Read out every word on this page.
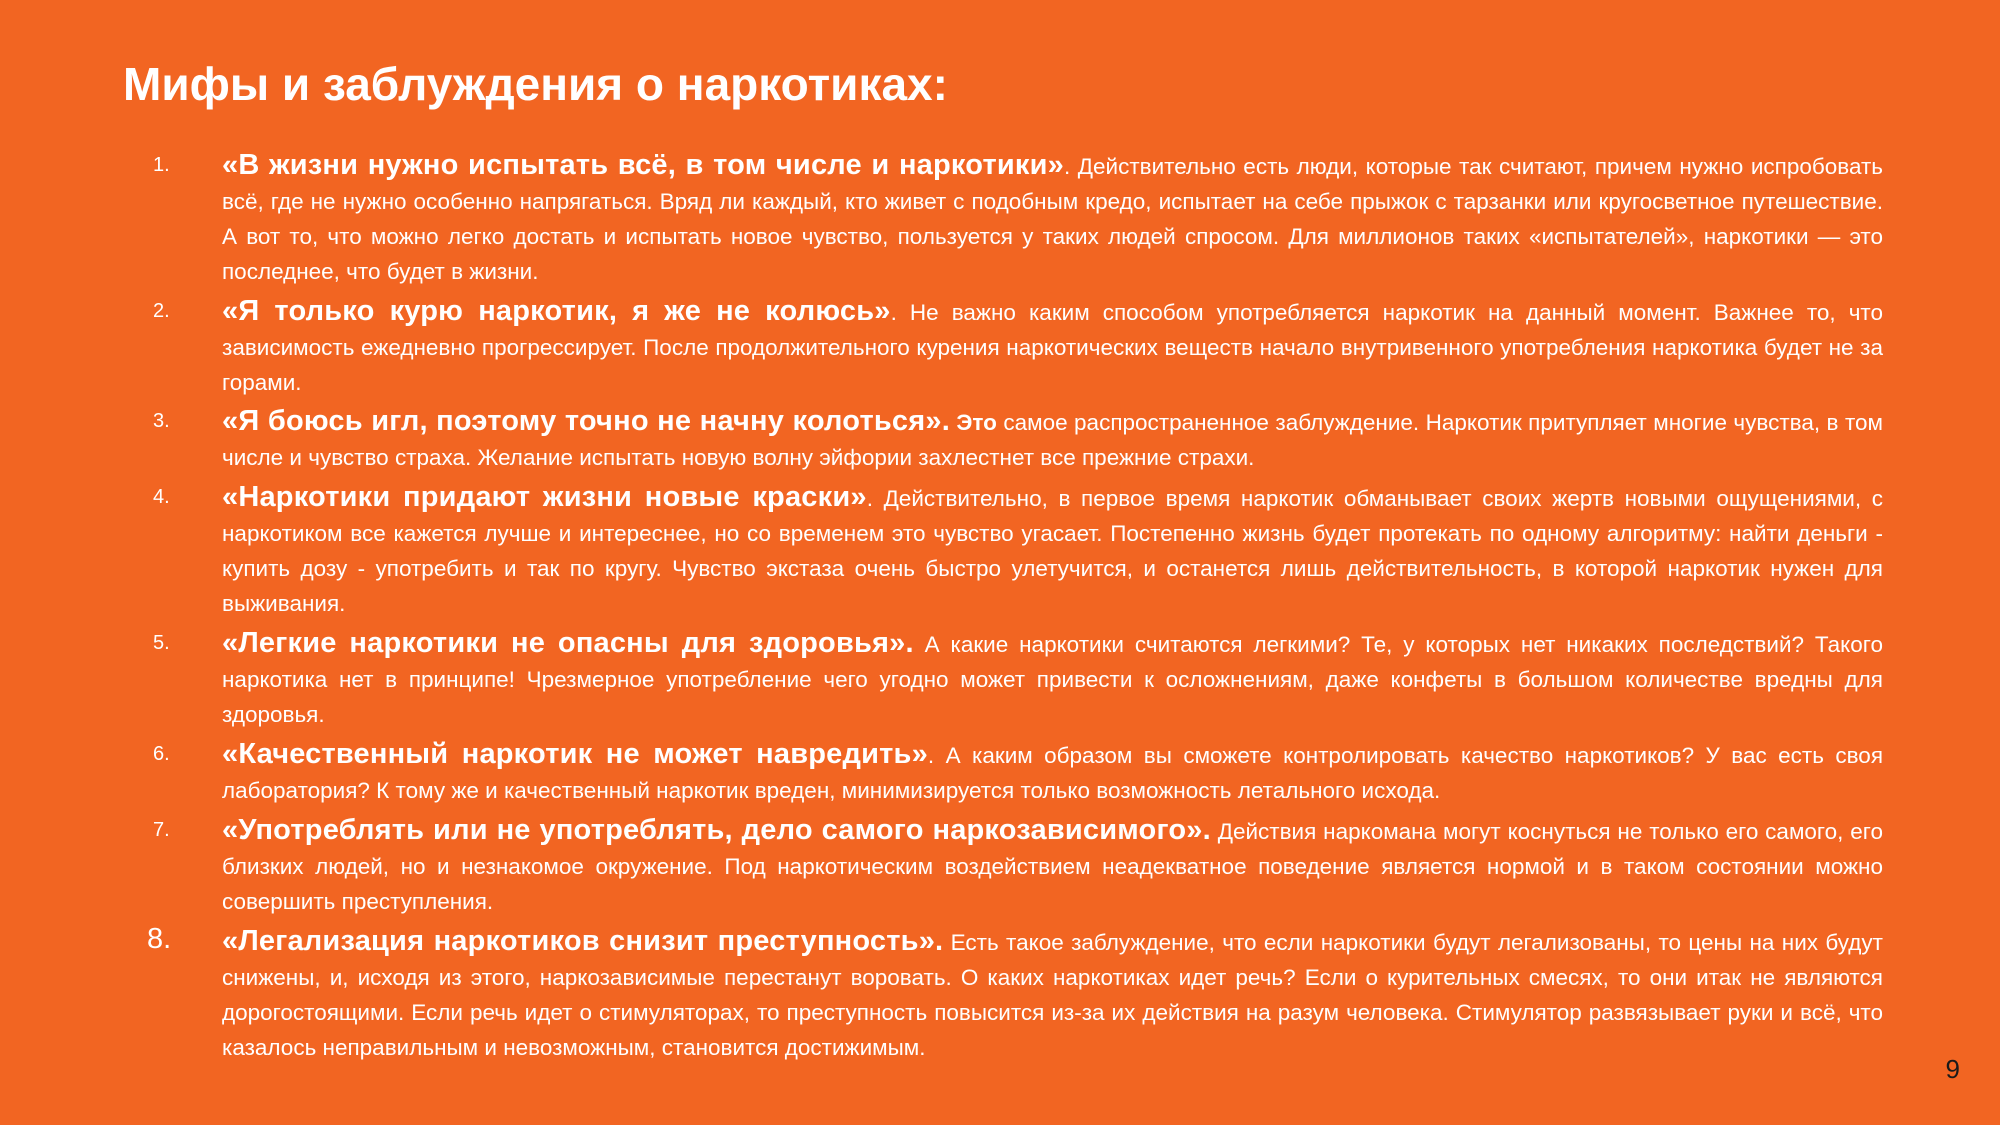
Мифы и заблуждения о наркотиках:
1. «В жизни нужно испытать всё, в том числе и наркотики». Действительно есть люди, которые так считают, причем нужно испробовать всё, где не нужно особенно напрягаться. Вряд ли каждый, кто живет с подобным кредо, испытает на себе прыжок с тарзанки или кругосветное путешествие. А вот то, что можно легко достать и испытать новое чувство, пользуется у таких людей спросом. Для миллионов таких «испытателей», наркотики — это последнее, что будет в жизни.
2. «Я только курю наркотик, я же не колюсь». Не важно каким способом употребляется наркотик на данный момент. Важнее то, что зависимость ежедневно прогрессирует. После продолжительного курения наркотических веществ начало внутривенного употребления наркотика будет не за горами.
3. «Я боюсь игл, поэтому точно не начну колоться». Это самое распространенное заблуждение. Наркотик притупляет многие чувства, в том числе и чувство страха. Желание испытать новую волну эйфории захлестнет все прежние страхи.
4. «Наркотики придают жизни новые краски». Действительно, в первое время наркотик обманывает своих жертв новыми ощущениями, с наркотиком все кажется лучше и интереснее, но со временем это чувство угасает. Постепенно жизнь будет протекать по одному алгоритму: найти деньги - купить дозу - употребить и так по кругу. Чувство экстаза очень быстро улетучится, и останется лишь действительность, в которой наркотик нужен для выживания.
5. «Легкие наркотики не опасны для здоровья». А какие наркотики считаются легкими? Те, у которых нет никаких последствий? Такого наркотика нет в принципе! Чрезмерное употребление чего угодно может привести к осложнениям, даже конфеты в большом количестве вредны для здоровья.
6. «Качественный наркотик не может навредить». А каким образом вы сможете контролировать качество наркотиков? У вас есть своя лаборатория? К тому же и качественный наркотик вреден, минимизируется только возможность летального исхода.
7. «Употреблять или не употреблять, дело самого наркозависимого». Действия наркомана могут коснуться не только его самого, его близких людей, но и незнакомое окружение. Под наркотическим воздействием неадекватное поведение является нормой и в таком состоянии можно совершить преступления.
8. «Легализация наркотиков снизит преступность». Есть такое заблуждение, что если наркотики будут легализованы, то цены на них будут снижены, и, исходя из этого, наркозависимые перестанут воровать. О каких наркотиках идет речь? Если о курительных смесях, то они итак не являются дорогостоящими. Если речь идет о стимуляторах, то преступность повысится из-за их действия на разум человека. Стимулятор развязывает руки и всё, что казалось неправильным и невозможным, становится достижимым.
9
